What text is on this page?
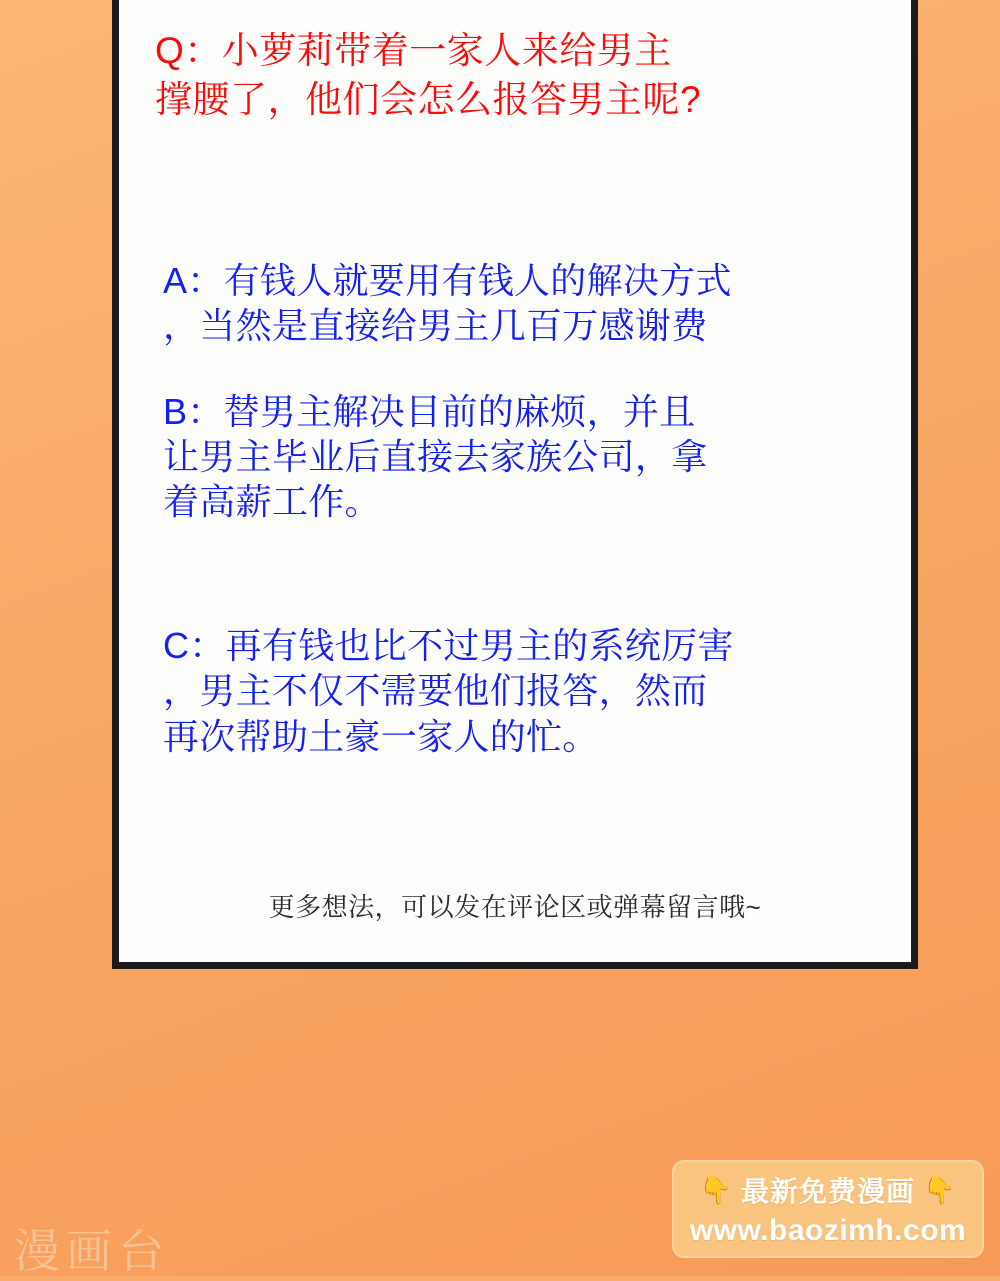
Q：小萝莉带着一家人来给男主
撑腰了，他们会怎么报答男主呢?
A：有钱人就要用有钱人的解决方式
，当然是直接给男主几百万感谢费
B：替男主解决目前的麻烦，并且
让男主毕业后直接去家族公司，拿
着高薪工作。
C：再有钱也比不过男主的系统厉害
，男主不仅不需要他们报答，然而
再次帮助土豪一家人的忙。
更多想法，可以发在评论区或弹幕留言哦~
漫画台
👇 最新免费漫画 👇
www.baozimh.com
